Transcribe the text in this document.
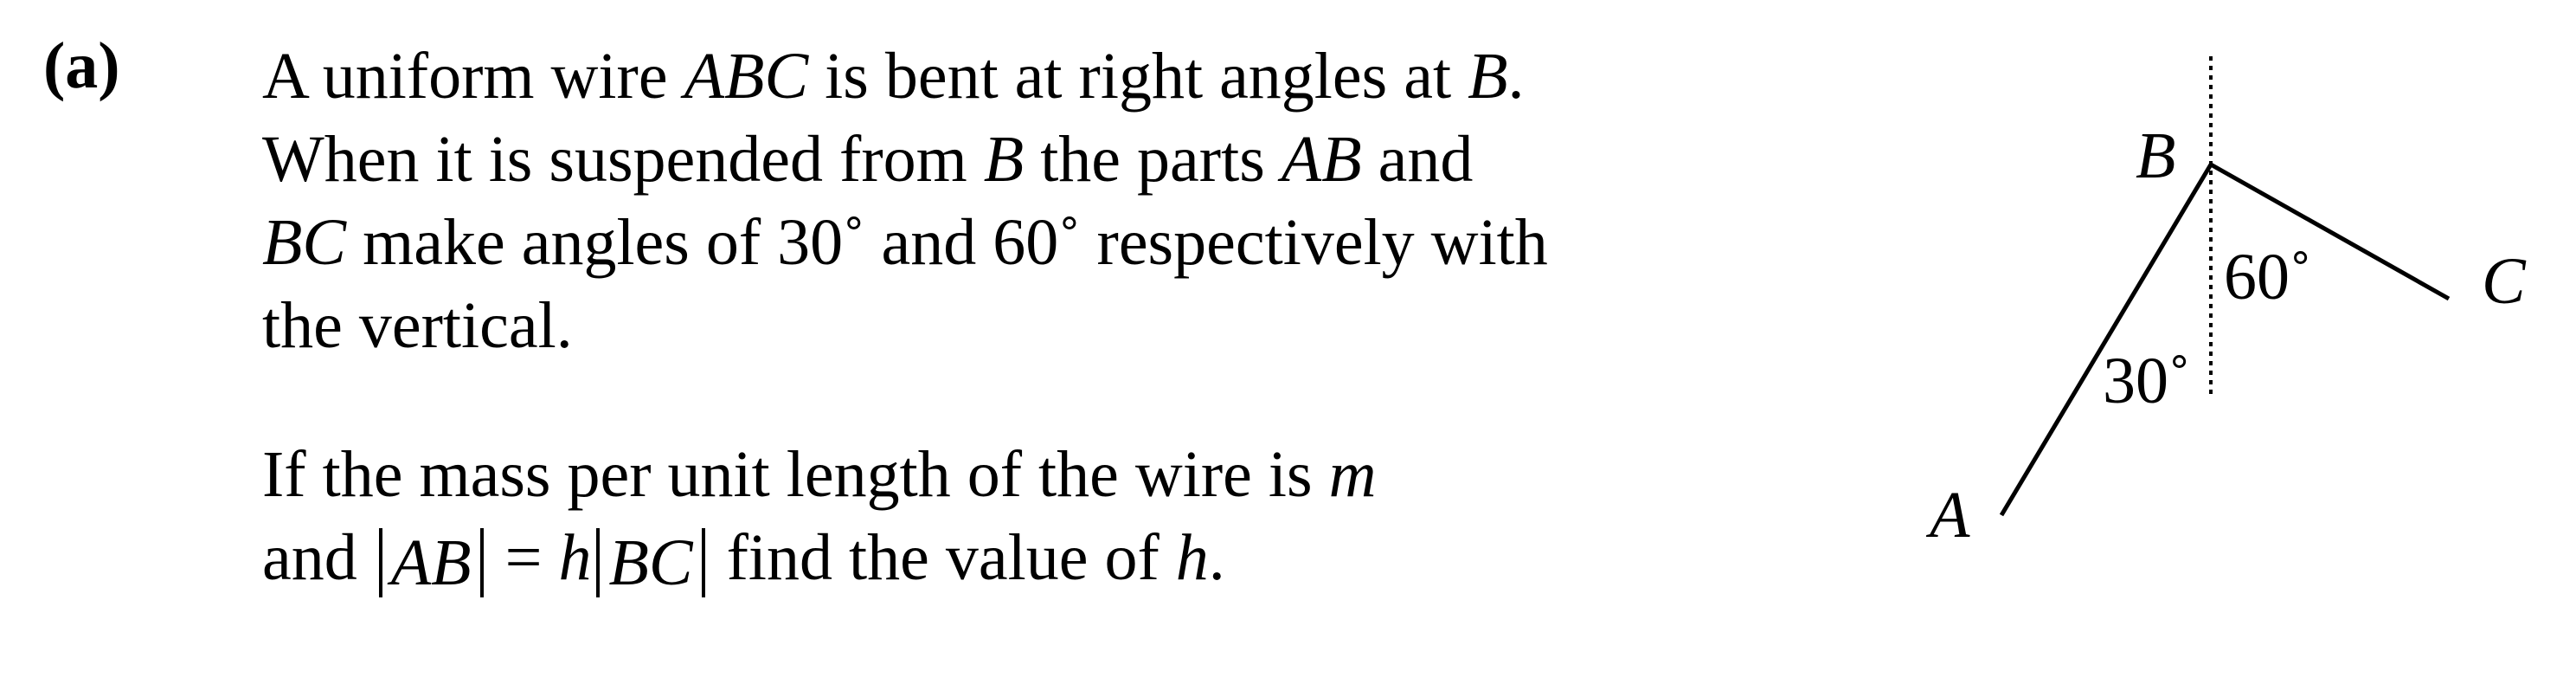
(a) A uniform wire ABC is bent at right angles at B.
When it is suspended from B the parts AB and
BC make angles of 30˚ and 60˚ respectively with
the vertical.
If the mass per unit length of the wire is m
and AB = h BC find the value of h.
B
C
A
60˚
30˚
